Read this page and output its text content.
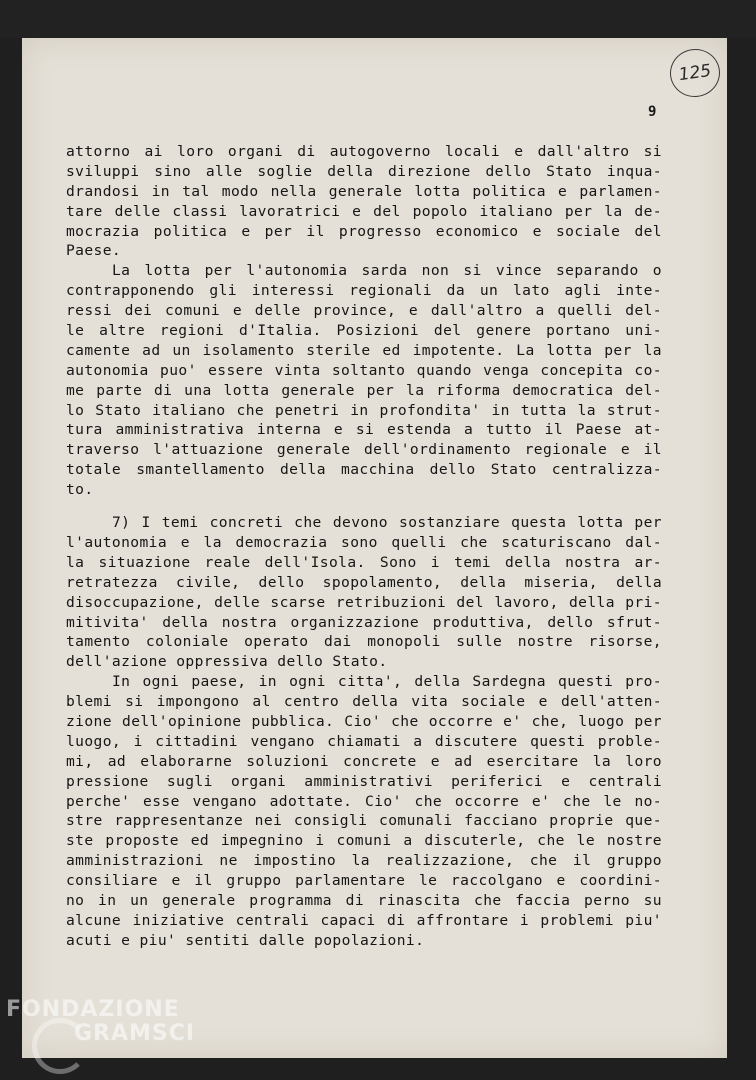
125
9
attorno ai loro organi di autogoverno locali e dall'altro si
sviluppi sino alle soglie della direzione dello Stato inqua-
drandosi in tal modo nella generale lotta politica e parlamen-
tare delle classi lavoratrici e del popolo italiano per la de-
mocrazia politica e per il progresso economico e sociale del
Paese.
La lotta per l'autonomia sarda non si vince separando o
contrapponendo gli interessi regionali da un lato agli inte-
ressi dei comuni e delle province, e dall'altro a quelli del-
le altre regioni d'Italia. Posizioni del genere portano uni-
camente ad un isolamento sterile ed impotente. La lotta per la
autonomia puo' essere vinta soltanto quando venga concepita co-
me parte di una lotta generale per la riforma democratica del-
lo Stato italiano che penetri in profondita' in tutta la strut-
tura amministrativa interna e si estenda a tutto il Paese at-
traverso l'attuazione generale dell'ordinamento regionale e il
totale smantellamento della macchina dello Stato centralizza-
to.
7) I temi concreti che devono sostanziare questa lotta per
l'autonomia e la democrazia sono quelli che scaturiscano dal-
la situazione reale dell'Isola. Sono i temi della nostra ar-
retratezza civile, dello spopolamento, della miseria, della
disoccupazione, delle scarse retribuzioni del lavoro, della pri-
mitivita' della nostra organizzazione produttiva, dello sfrut-
tamento coloniale operato dai monopoli sulle nostre risorse,
dell'azione oppressiva dello Stato.
In ogni paese, in ogni citta', della Sardegna questi pro-
blemi si impongono al centro della vita sociale e dell'atten-
zione dell'opinione pubblica. Cio' che occorre e' che, luogo per
luogo, i cittadini vengano chiamati a discutere questi proble-
mi, ad elaborarne soluzioni concrete e ad esercitare la loro
pressione sugli organi amministrativi periferici e centrali
perche' esse vengano adottate. Cio' che occorre e' che le no-
stre rappresentanze nei consigli comunali facciano proprie que-
ste proposte ed impegnino i comuni a discuterle, che le nostre
amministrazioni ne impostino la realizzazione, che il gruppo
consiliare e il gruppo parlamentare le raccolgano e coordini-
no in un generale programma di rinascita che faccia perno su
alcune iniziative centrali capaci di affrontare i problemi piu'
acuti e piu' sentiti dalle popolazioni.
FONDAZIONE
GRAMSCI
